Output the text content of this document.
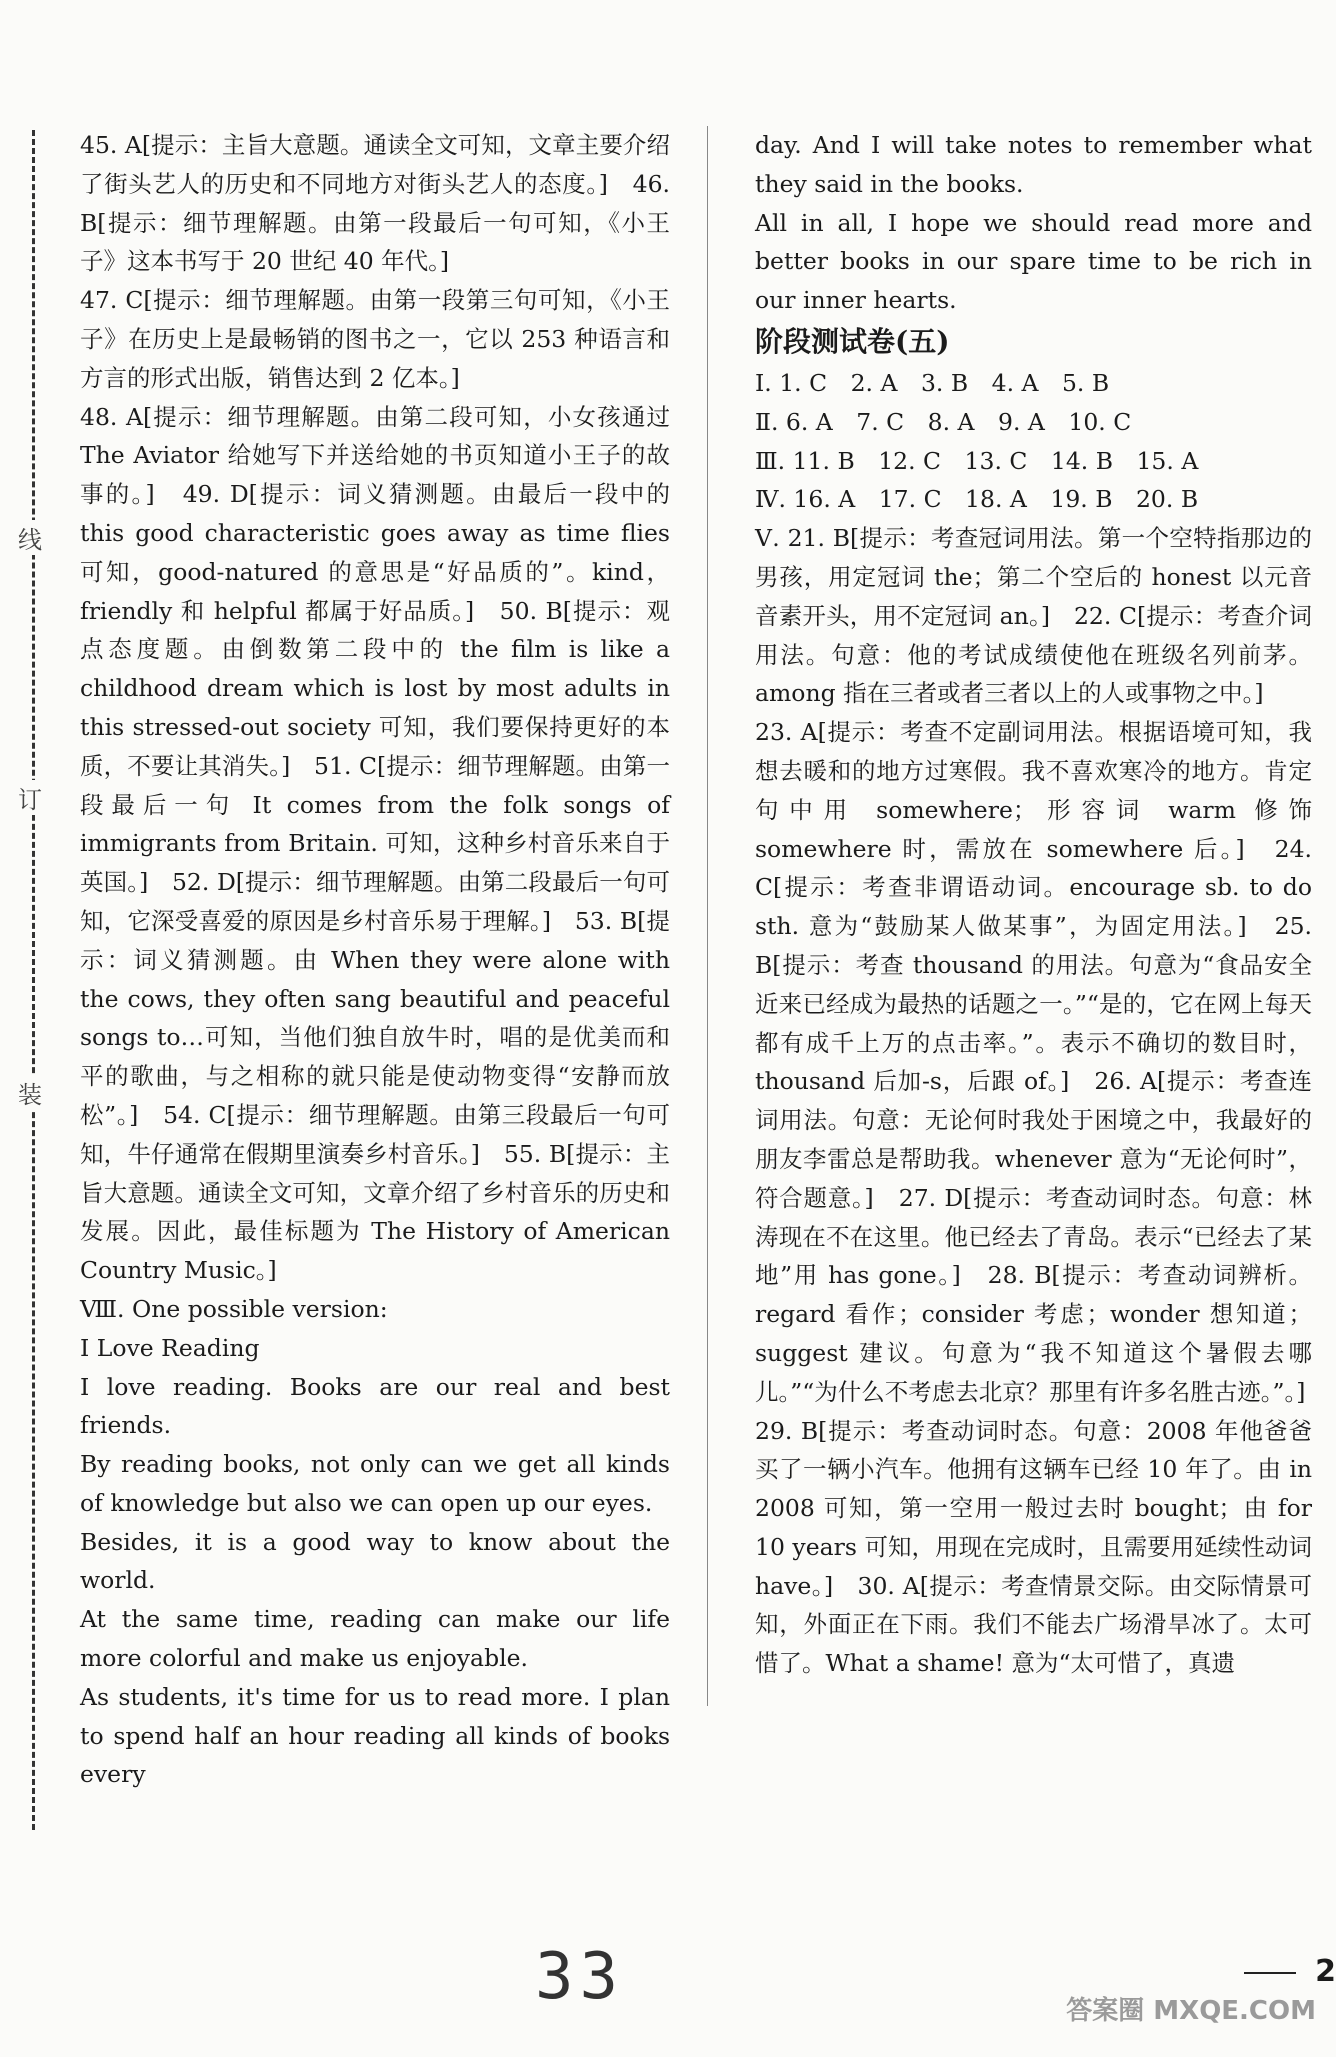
线
订
装

45. A[提示：主旨大意题。通读全文可知，文章主要介绍了街头艺人的历史和不同地方对街头艺人的态度。]　46. B[提示：细节理解题。由第一段最后一句可知，《小王子》这本书写于 20 世纪 40 年代。]

47. C[提示：细节理解题。由第一段第三句可知，《小王子》在历史上是最畅销的图书之一，它以 253 种语言和方言的形式出版，销售达到 2 亿本。]

48. A[提示：细节理解题。由第二段可知，小女孩通过 The Aviator 给她写下并送给她的书页知道小王子的故事的。]　49. D[提示：词义猜测题。由最后一段中的 this good characteristic goes away as time flies 可知，good-natured 的意思是“好品质的”。kind，friendly 和 helpful 都属于好品质。]　50. B[提示：观点态度题。由倒数第二段中的 the film is like a childhood dream which is lost by most adults in this stressed-out society 可知，我们要保持更好的本质，不要让其消失。]　51. C[提示：细节理解题。由第一段最后一句 It comes from the folk songs of immigrants from Britain. 可知，这种乡村音乐来自于英国。]　52. D[提示：细节理解题。由第二段最后一句可知，它深受喜爱的原因是乡村音乐易于理解。]　53. B[提示：词义猜测题。由 When they were alone with the cows, they often sang beautiful and peaceful songs to…可知，当他们独自放牛时，唱的是优美而和平的歌曲，与之相称的就只能是使动物变得“安静而放松”。]　54. C[提示：细节理解题。由第三段最后一句可知，牛仔通常在假期里演奏乡村音乐。]　55. B[提示：主旨大意题。通读全文可知，文章介绍了乡村音乐的历史和发展。因此，最佳标题为 The History of American Country Music。]

Ⅷ. One possible version:

I Love Reading

I love reading. Books are our real and best friends.

By reading books, not only can we get all kinds of knowledge but also we can open up our eyes.

Besides, it is a good way to know about the world.

At the same time, reading can make our life more colorful and make us enjoyable.

As students, it's time for us to read more. I plan to spend half an hour reading all kinds of books every

day. And I will take notes to remember what they said in the books.

All in all, I hope we should read more and better books in our spare time to be rich in our inner hearts.

阶段测试卷(五)

Ⅰ. 1. C　2. A　3. B　4. A　5. B

Ⅱ. 6. A　7. C　8. A　9. A　10. C

Ⅲ. 11. B　12. C　13. C　14. B　15. A

Ⅳ. 16. A　17. C　18. A　19. B　20. B

Ⅴ. 21. B[提示：考查冠词用法。第一个空特指那边的男孩，用定冠词 the；第二个空后的 honest 以元音音素开头，用不定冠词 an。]　22. C[提示：考查介词用法。句意：他的考试成绩使他在班级名列前茅。among 指在三者或者三者以上的人或事物之中。]

23. A[提示：考查不定副词用法。根据语境可知，我想去暖和的地方过寒假。我不喜欢寒冷的地方。肯定句中用 somewhere；形容词 warm 修饰 somewhere 时，需放在 somewhere 后。]　24. C[提示：考查非谓语动词。encourage sb. to do sth. 意为“鼓励某人做某事”，为固定用法。]　25. B[提示：考查 thousand 的用法。句意为“食品安全近来已经成为最热的话题之一。”“是的，它在网上每天都有成千上万的点击率。”。表示不确切的数目时，thousand 后加-s，后跟 of。]　26. A[提示：考查连词用法。句意：无论何时我处于困境之中，我最好的朋友李雷总是帮助我。whenever 意为“无论何时”，符合题意。]　27. D[提示：考查动词时态。句意：林涛现在不在这里。他已经去了青岛。表示“已经去了某地”用 has gone。]　28. B[提示：考查动词辨析。regard 看作；consider 考虑；wonder 想知道；suggest 建议。句意为“我不知道这个暑假去哪儿。”“为什么不考虑去北京？那里有许多名胜古迹。”。]

29. B[提示：考查动词时态。句意：2008 年他爸爸买了一辆小汽车。他拥有这辆车已经 10 年了。由 in 2008 可知，第一空用一般过去时 bought；由 for 10 years 可知，用现在完成时，且需要用延续性动词 have。]　30. A[提示：考查情景交际。由交际情景可知，外面正在下雨。我们不能去广场滑旱冰了。太可惜了。What a shame! 意为“太可惜了，真遗

2
33	答案圈 MXQE.COM
